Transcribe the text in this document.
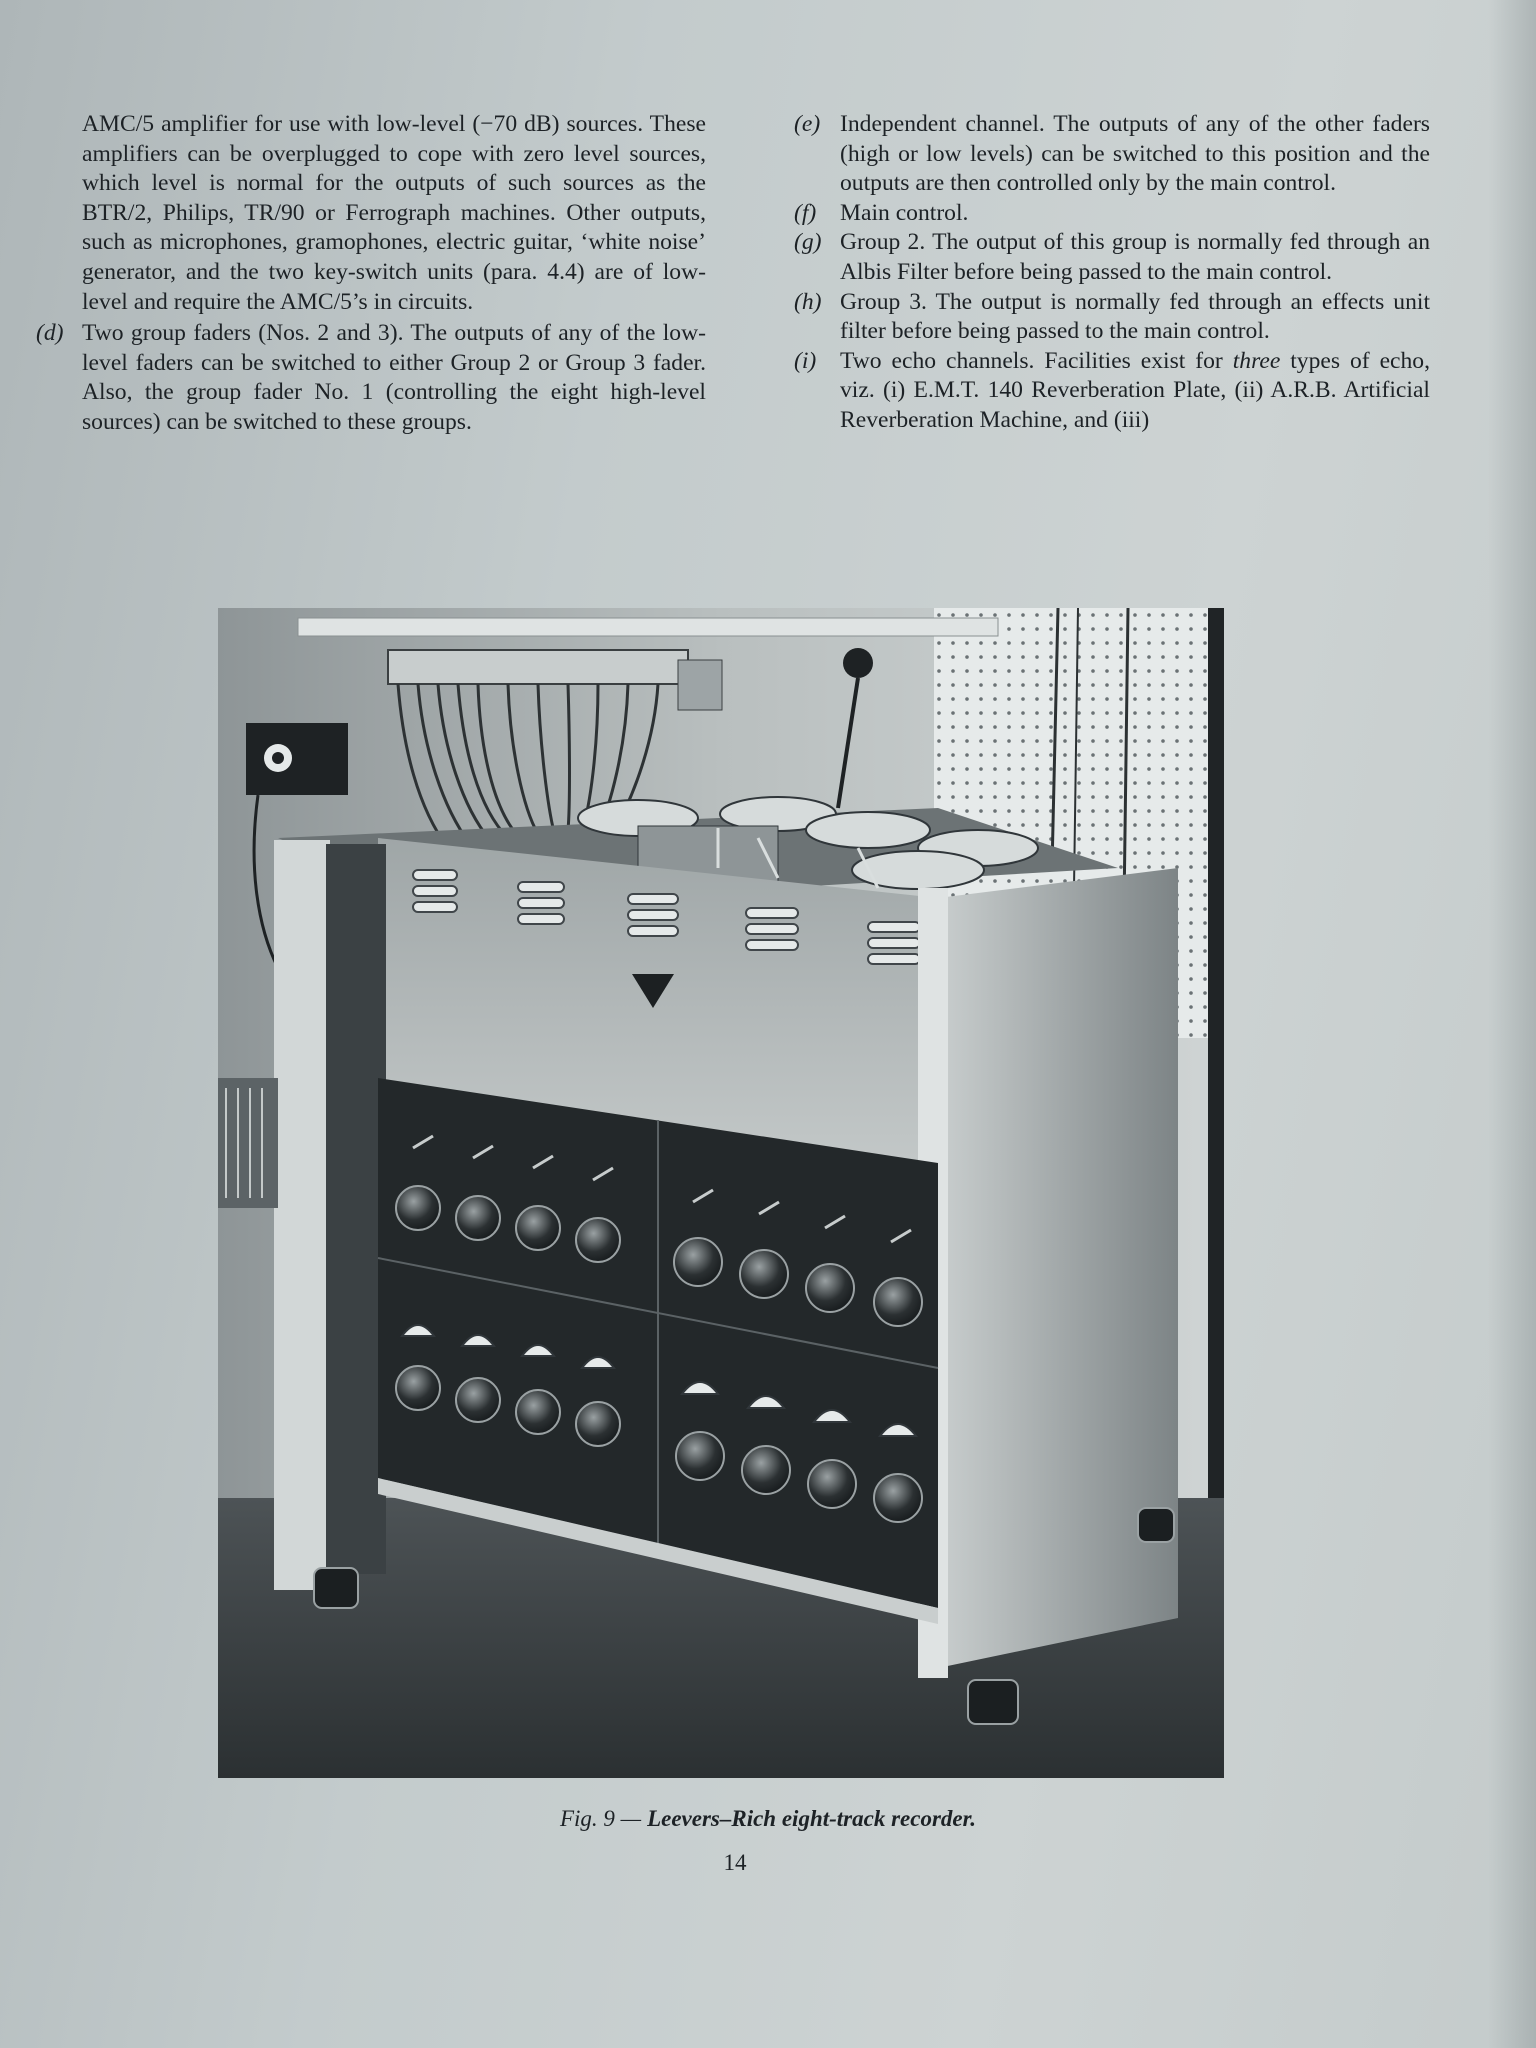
AMC/5 amplifier for use with low-level (−70 dB) sources. These amplifiers can be overplugged to cope with zero level sources, which level is normal for the outputs of such sources as the BTR/2, Philips, TR/90 or Ferrograph machines. Other outputs, such as microphones, gramophones, electric guitar, ‘white noise’ generator, and the two key-switch units (para. 4.4) are of low-level and require the AMC/5’s in circuits.

(d) Two group faders (Nos. 2 and 3). The outputs of any of the low-level faders can be switched to either Group 2 or Group 3 fader. Also, the group fader No. 1 (controlling the eight high-level sources) can be switched to these groups.

(e) Independent channel. The outputs of any of the other faders (high or low levels) can be switched to this position and the outputs are then controlled only by the main control.

(f) Main control.

(g) Group 2. The output of this group is normally fed through an Albis Filter before being passed to the main control.

(h) Group 3. The output is normally fed through an effects unit filter before being passed to the main control.

(i) Two echo channels. Facilities exist for three types of echo, viz. (i) E.M.T. 140 Reverberation Plate, (ii) A.R.B. Artificial Reverberation Machine, and (iii)

Fig. 9 — Leevers–Rich eight-track recorder.
14
